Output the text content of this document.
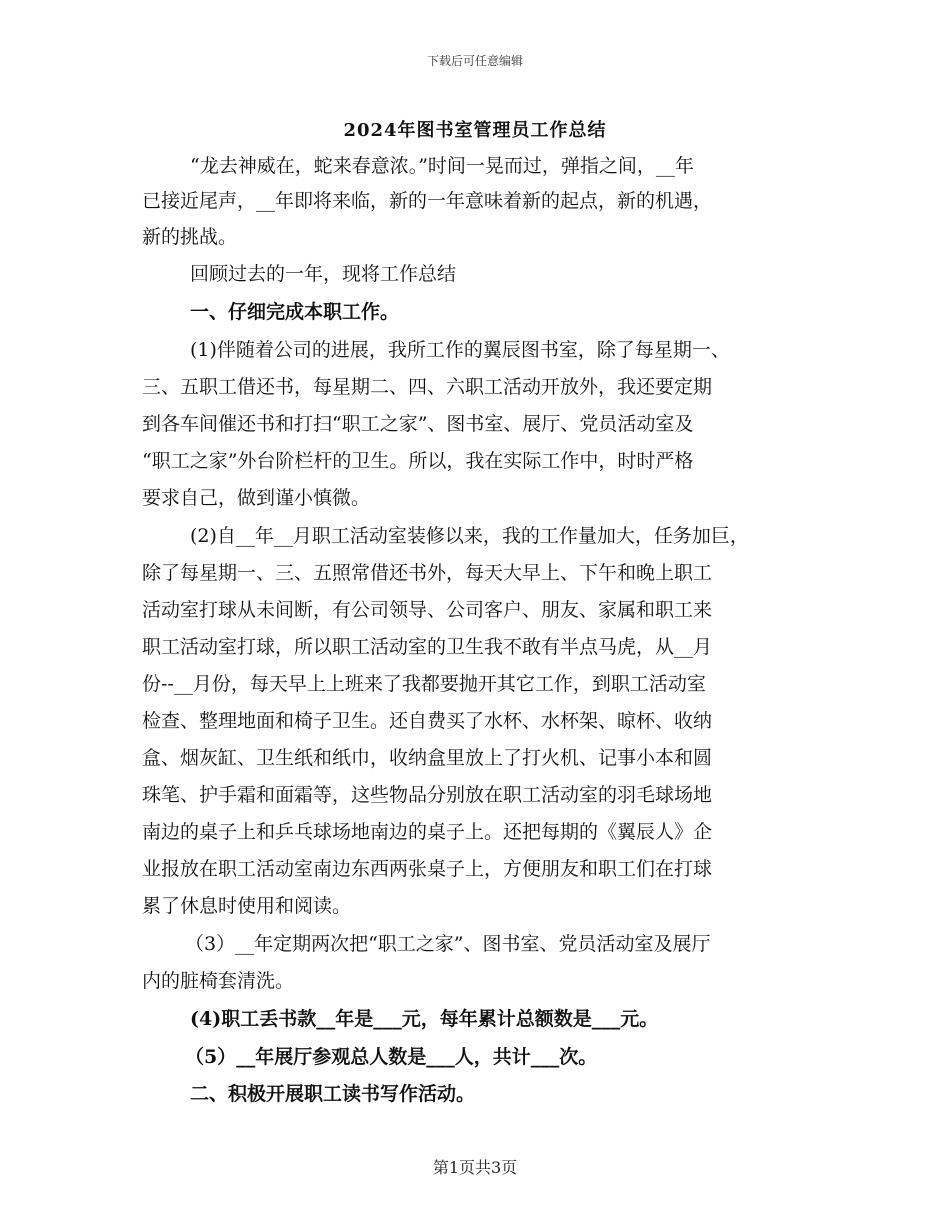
下载后可任意编辑
2024年图书室管理员工作总结
“龙去神威在，蛇来春意浓。”时间一晃而过，弹指之间，__年
已接近尾声，__年即将来临，新的一年意味着新的起点，新的机遇，
新的挑战。
回顾过去的一年，现将工作总结
一、仔细完成本职工作。
(1)伴随着公司的进展，我所工作的翼辰图书室，除了每星期一、
三、五职工借还书，每星期二、四、六职工活动开放外，我还要定期
到各车间催还书和打扫“职工之家”、图书室、展厅、党员活动室及
“职工之家”外台阶栏杆的卫生。所以，我在实际工作中，时时严格
要求自己，做到谨小慎微。
(2)自__年__月职工活动室装修以来，我的工作量加大，任务加巨，
除了每星期一、三、五照常借还书外，每天大早上、下午和晚上职工
活动室打球从未间断，有公司领导、公司客户、朋友、家属和职工来
职工活动室打球，所以职工活动室的卫生我不敢有半点马虎，从__月
份--__月份，每天早上上班来了我都要抛开其它工作，到职工活动室
检查、整理地面和椅子卫生。还自费买了水杯、水杯架、晾杯、收纳
盒、烟灰缸、卫生纸和纸巾，收纳盒里放上了打火机、记事小本和圆
珠笔、护手霜和面霜等，这些物品分别放在职工活动室的羽毛球场地
南边的桌子上和乒乓球场地南边的桌子上。还把每期的《翼辰人》企
业报放在职工活动室南边东西两张桌子上，方便朋友和职工们在打球
累了休息时使用和阅读。
（3）__年定期两次把“职工之家”、图书室、党员活动室及展厅
内的脏椅套清洗。
(4)职工丢书款__年是___元，每年累计总额数是___元。
（5）__年展厅参观总人数是___人，共计___次。
二、积极开展职工读书写作活动。
第1页共3页
